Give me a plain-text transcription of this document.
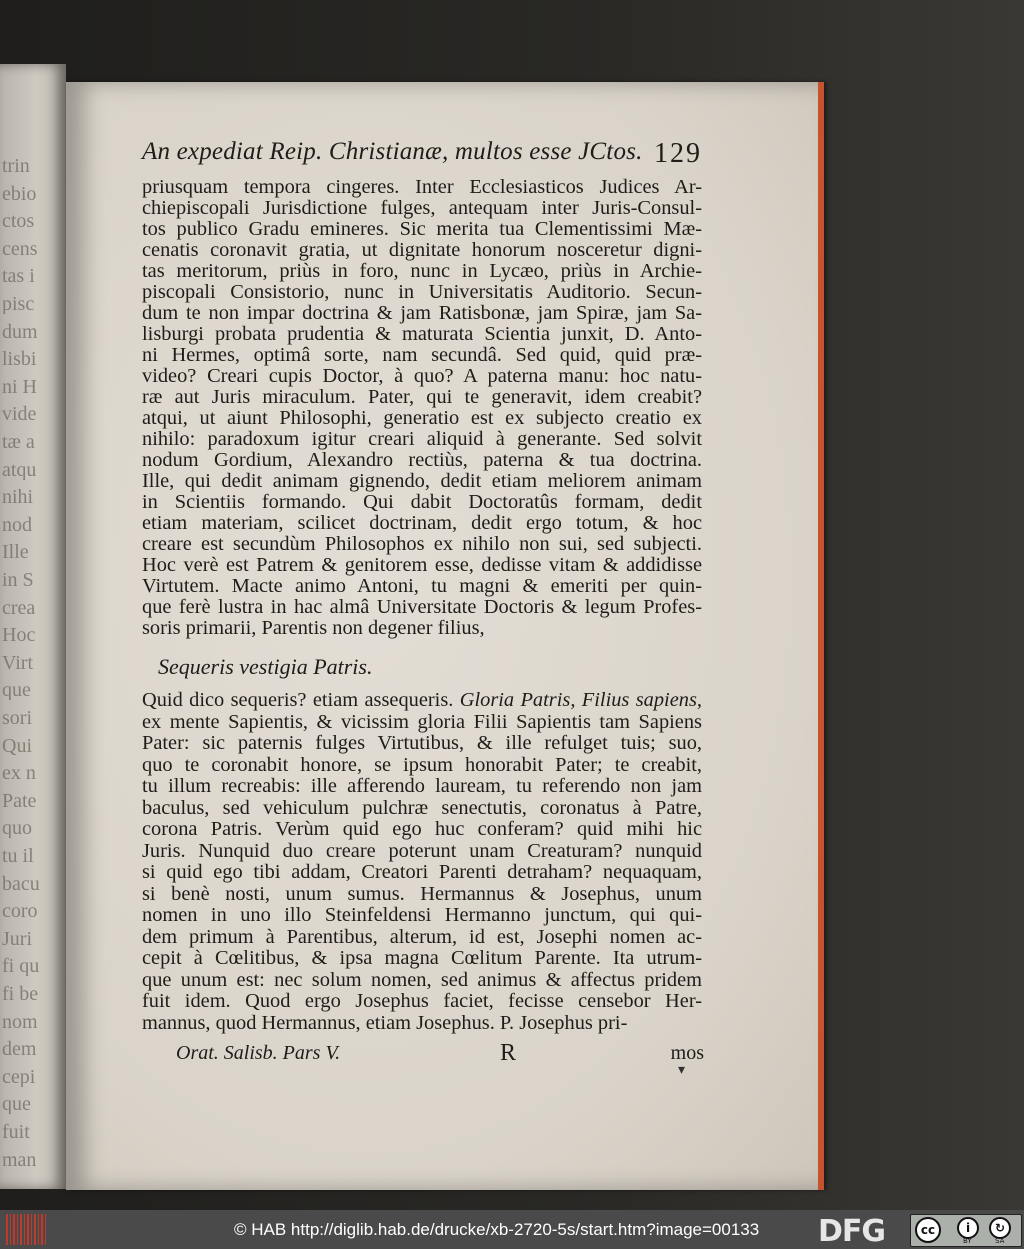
trin
ebio
ctos
cens
tas i
pisc
dum
lisbi
ni H
vide
tæ a
atqu
nihi
nod
Ille
in S
crea
Hoc
Virt
que
sori
Qui
ex n
Pate
quo
tu il
bacu
coro
Juri
fi qu
fi be
nom
dem
cepi
que
fuit
man
An expediat Reip. Christianæ, multos esse JCtos. 129
priusquam tempora cingeres. Inter Ecclesiasticos Judices Ar-
chiepiscopali Jurisdictione fulges, antequam inter Juris-Consul-
tos publico Gradu emineres. Sic merita tua Clementissimi Mæ-
cenatis coronavit gratia, ut dignitate honorum nosceretur digni-
tas meritorum, priùs in foro, nunc in Lycæo, priùs in Archie-
piscopali Consistorio, nunc in Universitatis Auditorio. Secun-
dum te non impar doctrina & jam Ratisbonæ, jam Spiræ, jam Sa-
lisburgi probata prudentia & maturata Scientia junxit, D. Anto-
ni Hermes, optimâ sorte, nam secundâ. Sed quid, quid præ-
video? Creari cupis Doctor, à quo? A paterna manu: hoc natu-
ræ aut Juris miraculum. Pater, qui te generavit, idem creabit?
atqui, ut aiunt Philosophi, generatio est ex subjecto creatio ex
nihilo: paradoxum igitur creari aliquid à generante. Sed solvit
nodum Gordium, Alexandro rectiùs, paterna & tua doctrina.
Ille, qui dedit animam gignendo, dedit etiam meliorem animam
in Scientiis formando. Qui dabit Doctoratûs formam, dedit
etiam materiam, scilicet doctrinam, dedit ergo totum, & hoc
creare est secundùm Philosophos ex nihilo non sui, sed subjecti.
Hoc verè est Patrem & genitorem esse, dedisse vitam & addidisse
Virtutem. Macte animo Antoni, tu magni & emeriti per quin-
que ferè lustra in hac almâ Universitate Doctoris & legum Profes-
soris primarii, Parentis non degener filius,
Sequeris vestigia Patris.
Quid dico sequeris? etiam assequeris. Gloria Patris, Filius sapiens,
ex mente Sapientis, & vicissim gloria Filii Sapientis tam Sapiens
Pater: sic paternis fulges Virtutibus, & ille refulget tuis; suo,
quo te coronabit honore, se ipsum honorabit Pater; te creabit,
tu illum recreabis: ille afferendo lauream, tu referendo non jam
baculus, sed vehiculum pulchræ senectutis, coronatus à Patre,
corona Patris. Verùm quid ego huc conferam? quid mihi hic
Juris. Nunquid duo creare poterunt unam Creaturam? nunquid
si quid ego tibi addam, Creatori Parenti detraham? nequaquam,
si benè nosti, unum sumus. Hermannus & Josephus, unum
nomen in uno illo Steinfeldensi Hermanno junctum, qui qui-
dem primum à Parentibus, alterum, id est, Josephi nomen ac-
cepit à Cœlitibus, & ipsa magna Cœlitum Parente. Ita utrum-
que unum est: nec solum nomen, sed animus & affectus pridem
fuit idem. Quod ergo Josephus faciet, fecisse censebor Her-
mannus, quod Hermannus, etiam Josephus. P. Josephus pri-
Orat. Salisb. Pars V.	R	mos
▾
© HAB http://diglib.hab.de/drucke/xb-2720-5s/start.htm?image=00133 DFG	cc	i	↻
BY	SA
